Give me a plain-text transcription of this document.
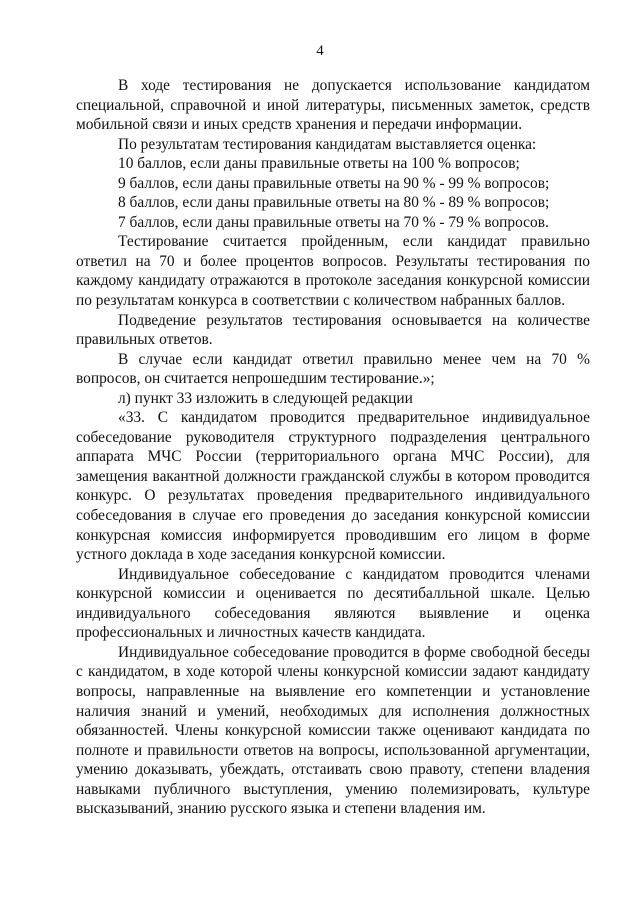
4

В ходе тестирования не допускается использование кандидатом специальной, справочной и иной литературы, письменных заметок, средств мобильной связи и иных средств хранения и передачи информации.

По результатам тестирования кандидатам выставляется оценка:

10 баллов, если даны правильные ответы на 100 % вопросов;

9 баллов, если даны правильные ответы на 90 % - 99 % вопросов;

8 баллов, если даны правильные ответы на 80 % - 89 % вопросов;

7 баллов, если даны правильные ответы на 70 % - 79 % вопросов.

Тестирование считается пройденным, если кандидат правильно ответил на 70 и более процентов вопросов. Результаты тестирования по каждому кандидату отражаются в протоколе заседания конкурсной комиссии по результатам конкурса в соответствии с количеством набранных баллов.

Подведение результатов тестирования основывается на количестве правильных ответов.

В случае если кандидат ответил правильно менее чем на 70 % вопросов, он считается непрошедшим тестирование.»;

л) пункт 33 изложить в следующей редакции

«33. С кандидатом проводится предварительное индивидуальное собеседование руководителя структурного подразделения центрального аппарата МЧС России (территориального органа МЧС России), для замещения вакантной должности гражданской службы в котором проводится конкурс. О результатах проведения предварительного индивидуального собеседования в случае его проведения до заседания конкурсной комиссии конкурсная комиссия информируется проводившим его лицом в форме устного доклада в ходе заседания конкурсной комиссии.

Индивидуальное собеседование с кандидатом проводится членами конкурсной комиссии и оценивается по десятибалльной шкале. Целью индивидуального собеседования являются выявление и оценка профессиональных и личностных качеств кандидата.

Индивидуальное собеседование проводится в форме свободной беседы с кандидатом, в ходе которой члены конкурсной комиссии задают кандидату вопросы, направленные на выявление его компетенции и установление наличия знаний и умений, необходимых для исполнения должностных обязанностей. Члены конкурсной комиссии также оценивают кандидата по полноте и правильности ответов на вопросы, использованной аргументации, умению доказывать, убеждать, отстаивать свою правоту, степени владения навыками публичного выступления, умению полемизировать, культуре высказываний, знанию русского языка и степени владения им.
